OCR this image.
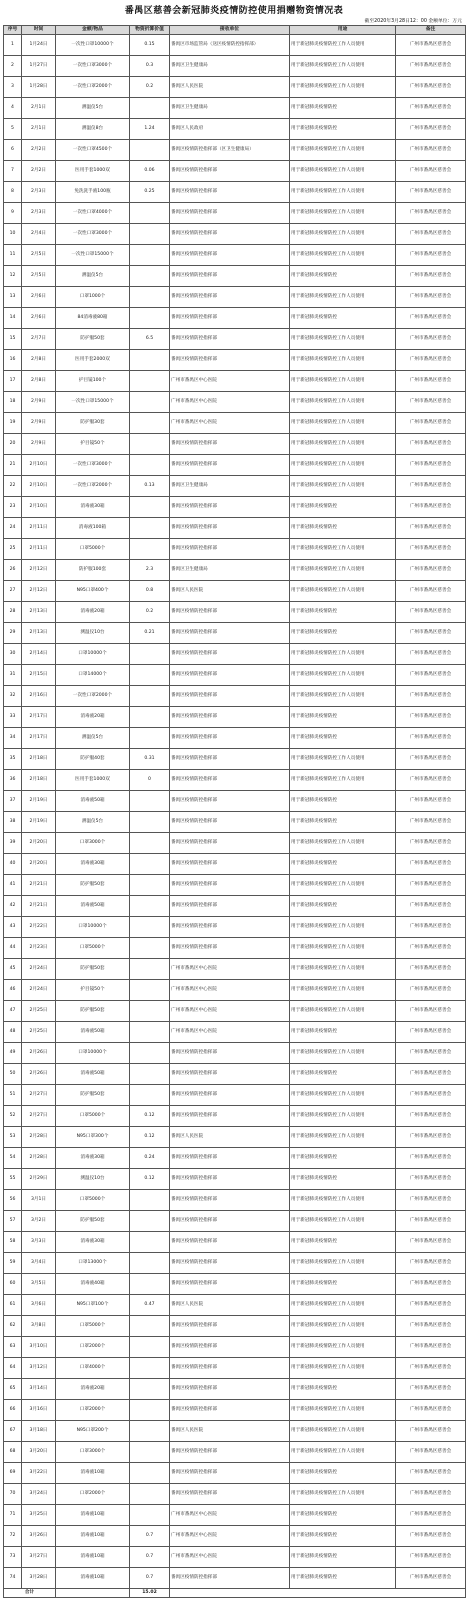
番禺区慈善会新冠肺炎疫情防控使用捐赠物资情况表
截至2020年3月28日12：00 金额单位：万元
序号	时间	金额/物品	物资折算价值	接收单位	用途	备注
1	1月24日	一次性口罩10000个	0.15	番禺区市场监管局（送区疫情防控指挥部）	用于新冠肺炎疫情防控工作人员使用	广州市番禺区慈善会
2	1月27日	一次性口罩3000个	0.3	番禺区卫生健康局	用于新冠肺炎疫情防控工作人员使用	广州市番禺区慈善会
3	1月28日	一次性口罩2000个	0.2	番禺区人民医院	用于新冠肺炎疫情防控工作人员使用	广州市番禺区慈善会
4	2月1日	测温仪5台		番禺区卫生健康局	用于新冠肺炎疫情防控	广州市番禺区慈善会
5	2月1日	测温仪8台	1.24	番禺区人民政府	用于新冠肺炎疫情防控	广州市番禺区慈善会
6	2月2日	一次性口罩4500个		番禺区疫情防控指挥部（区卫生健康局）	用于新冠肺炎疫情防控工作人员使用	广州市番禺区慈善会
7	2月2日	医用手套1000双	0.06	番禺区疫情防控指挥部	用于新冠肺炎疫情防控工作人员使用	广州市番禺区慈善会
8	2月3日	免洗洗手液100瓶	0.25	番禺区疫情防控指挥部	用于新冠肺炎疫情防控工作人员使用	广州市番禺区慈善会
9	2月3日	一次性口罩4000个		番禺区疫情防控指挥部	用于新冠肺炎疫情防控工作人员使用	广州市番禺区慈善会
10	2月4日	一次性口罩3000个		番禺区疫情防控指挥部	用于新冠肺炎疫情防控工作人员使用	广州市番禺区慈善会
11	2月5日	一次性口罩15000个		番禺区疫情防控指挥部	用于新冠肺炎疫情防控工作人员使用	广州市番禺区慈善会
12	2月5日	测温仪5台		番禺区疫情防控指挥部	用于新冠肺炎疫情防控	广州市番禺区慈善会
13	2月6日	口罩1000个		番禺区疫情防控指挥部	用于新冠肺炎疫情防控工作人员使用	广州市番禺区慈善会
14	2月6日	84消毒液80箱		番禺区疫情防控指挥部	用于新冠肺炎疫情防控	广州市番禺区慈善会
15	2月7日	防护服50套	6.5	番禺区疫情防控指挥部	用于新冠肺炎疫情防控工作人员使用	广州市番禺区慈善会
16	2月8日	医用手套2000双		番禺区疫情防控指挥部	用于新冠肺炎疫情防控工作人员使用	广州市番禺区慈善会
17	2月8日	护目镜100个		广州市番禺区中心医院	用于新冠肺炎疫情防控工作人员使用	广州市番禺区慈善会
18	2月9日	一次性口罩15000个		广州市番禺区中心医院	用于新冠肺炎疫情防控工作人员使用	广州市番禺区慈善会
19	2月9日	防护服30套		广州市番禺区中心医院	用于新冠肺炎疫情防控工作人员使用	广州市番禺区慈善会
20	2月9日	护目镜50个		番禺区疫情防控指挥部	用于新冠肺炎疫情防控工作人员使用	广州市番禺区慈善会
21	2月10日	一次性口罩3000个		番禺区疫情防控指挥部	用于新冠肺炎疫情防控工作人员使用	广州市番禺区慈善会
22	2月10日	一次性口罩2000个	0.13	番禺区卫生健康局	用于新冠肺炎疫情防控工作人员使用	广州市番禺区慈善会
23	2月10日	消毒液30箱		番禺区疫情防控指挥部	用于新冠肺炎疫情防控	广州市番禺区慈善会
24	2月11日	消毒液100箱		番禺区疫情防控指挥部	用于新冠肺炎疫情防控	广州市番禺区慈善会
25	2月11日	口罩5000个		番禺区疫情防控指挥部	用于新冠肺炎疫情防控工作人员使用	广州市番禺区慈善会
26	2月12日	防护服100套	2.3	番禺区卫生健康局	用于新冠肺炎疫情防控工作人员使用	广州市番禺区慈善会
27	2月12日	N95口罩400个	0.8	番禺区人民医院	用于新冠肺炎疫情防控工作人员使用	广州市番禺区慈善会
28	2月13日	消毒液20箱	0.2	番禺区疫情防控指挥部	用于新冠肺炎疫情防控	广州市番禺区慈善会
29	2月13日	测温仪10台	0.21	番禺区疫情防控指挥部	用于新冠肺炎疫情防控	广州市番禺区慈善会
30	2月14日	口罩10000个		番禺区疫情防控指挥部	用于新冠肺炎疫情防控工作人员使用	广州市番禺区慈善会
31	2月15日	口罩14000个		番禺区疫情防控指挥部	用于新冠肺炎疫情防控工作人员使用	广州市番禺区慈善会
32	2月16日	一次性口罩2000个		番禺区疫情防控指挥部	用于新冠肺炎疫情防控工作人员使用	广州市番禺区慈善会
33	2月17日	消毒液20箱		番禺区疫情防控指挥部	用于新冠肺炎疫情防控	广州市番禺区慈善会
34	2月17日	测温仪5台		番禺区疫情防控指挥部	用于新冠肺炎疫情防控	广州市番禺区慈善会
35	2月18日	防护服40套	0.31	番禺区疫情防控指挥部	用于新冠肺炎疫情防控工作人员使用	广州市番禺区慈善会
36	2月18日	医用手套1000双	0	番禺区疫情防控指挥部	用于新冠肺炎疫情防控工作人员使用	广州市番禺区慈善会
37	2月19日	消毒液50箱		番禺区疫情防控指挥部	用于新冠肺炎疫情防控	广州市番禺区慈善会
38	2月19日	测温仪5台		番禺区疫情防控指挥部	用于新冠肺炎疫情防控	广州市番禺区慈善会
39	2月20日	口罩3000个		番禺区疫情防控指挥部	用于新冠肺炎疫情防控工作人员使用	广州市番禺区慈善会
40	2月20日	消毒液30箱		番禺区疫情防控指挥部	用于新冠肺炎疫情防控	广州市番禺区慈善会
41	2月21日	防护服50套		番禺区疫情防控指挥部	用于新冠肺炎疫情防控工作人员使用	广州市番禺区慈善会
42	2月21日	消毒液50箱		番禺区疫情防控指挥部	用于新冠肺炎疫情防控	广州市番禺区慈善会
43	2月22日	口罩10000个		番禺区疫情防控指挥部	用于新冠肺炎疫情防控工作人员使用	广州市番禺区慈善会
44	2月23日	口罩5000个		番禺区疫情防控指挥部	用于新冠肺炎疫情防控工作人员使用	广州市番禺区慈善会
45	2月24日	防护服50套		广州市番禺区中心医院	用于新冠肺炎疫情防控工作人员使用	广州市番禺区慈善会
46	2月24日	护目镜50个		广州市番禺区中心医院	用于新冠肺炎疫情防控工作人员使用	广州市番禺区慈善会
47	2月25日	防护服50套		广州市番禺区中心医院	用于新冠肺炎疫情防控工作人员使用	广州市番禺区慈善会
48	2月25日	消毒液50箱		广州市番禺区中心医院	用于新冠肺炎疫情防控	广州市番禺区慈善会
49	2月26日	口罩10000个		番禺区疫情防控指挥部	用于新冠肺炎疫情防控工作人员使用	广州市番禺区慈善会
50	2月26日	消毒液50箱		番禺区疫情防控指挥部	用于新冠肺炎疫情防控	广州市番禺区慈善会
51	2月27日	防护服50套		番禺区疫情防控指挥部	用于新冠肺炎疫情防控工作人员使用	广州市番禺区慈善会
52	2月27日	口罩5000个	0.12	番禺区疫情防控指挥部	用于新冠肺炎疫情防控工作人员使用	广州市番禺区慈善会
53	2月28日	N95口罩300个	0.12	番禺区人民医院	用于新冠肺炎疫情防控工作人员使用	广州市番禺区慈善会
54	2月28日	消毒液30箱	0.24	番禺区疫情防控指挥部	用于新冠肺炎疫情防控	广州市番禺区慈善会
55	2月29日	测温仪10台	0.12	番禺区疫情防控指挥部	用于新冠肺炎疫情防控	广州市番禺区慈善会
56	3月1日	口罩5000个		番禺区疫情防控指挥部	用于新冠肺炎疫情防控工作人员使用	广州市番禺区慈善会
57	3月2日	防护服50套		番禺区疫情防控指挥部	用于新冠肺炎疫情防控工作人员使用	广州市番禺区慈善会
58	3月3日	消毒液30箱		番禺区疫情防控指挥部	用于新冠肺炎疫情防控	广州市番禺区慈善会
59	3月4日	口罩13000个		番禺区疫情防控指挥部	用于新冠肺炎疫情防控工作人员使用	广州市番禺区慈善会
60	3月5日	消毒液40箱		番禺区疫情防控指挥部	用于新冠肺炎疫情防控	广州市番禺区慈善会
61	3月6日	N95口罩100个	0.47	番禺区人民医院	用于新冠肺炎疫情防控工作人员使用	广州市番禺区慈善会
62	3月8日	口罩5000个		番禺区疫情防控指挥部	用于新冠肺炎疫情防控工作人员使用	广州市番禺区慈善会
63	3月10日	口罩2000个		番禺区疫情防控指挥部	用于新冠肺炎疫情防控工作人员使用	广州市番禺区慈善会
64	3月12日	口罩4000个		番禺区疫情防控指挥部	用于新冠肺炎疫情防控工作人员使用	广州市番禺区慈善会
65	3月14日	消毒液20箱		番禺区疫情防控指挥部	用于新冠肺炎疫情防控	广州市番禺区慈善会
66	3月16日	口罩2000个		番禺区疫情防控指挥部	用于新冠肺炎疫情防控工作人员使用	广州市番禺区慈善会
67	3月18日	N95口罩200个		番禺区人民医院	用于新冠肺炎疫情防控工作人员使用	广州市番禺区慈善会
68	3月20日	口罩3000个		番禺区疫情防控指挥部	用于新冠肺炎疫情防控工作人员使用	广州市番禺区慈善会
69	3月22日	消毒液10箱		番禺区疫情防控指挥部	用于新冠肺炎疫情防控	广州市番禺区慈善会
70	3月24日	口罩2000个		番禺区疫情防控指挥部	用于新冠肺炎疫情防控工作人员使用	广州市番禺区慈善会
71	3月25日	消毒液10箱		广州市番禺区中心医院	用于新冠肺炎疫情防控	广州市番禺区慈善会
72	3月26日	消毒液10箱	0.7	广州市番禺区中心医院	用于新冠肺炎疫情防控	广州市番禺区慈善会
73	3月27日	消毒液10箱	0.7	广州市番禺区中心医院	用于新冠肺炎疫情防控	广州市番禺区慈善会
74	3月28日	消毒液10箱	0.7	番禺区疫情防控指挥部	用于新冠肺炎疫情防控	广州市番禺区慈善会
合计			15.02			
